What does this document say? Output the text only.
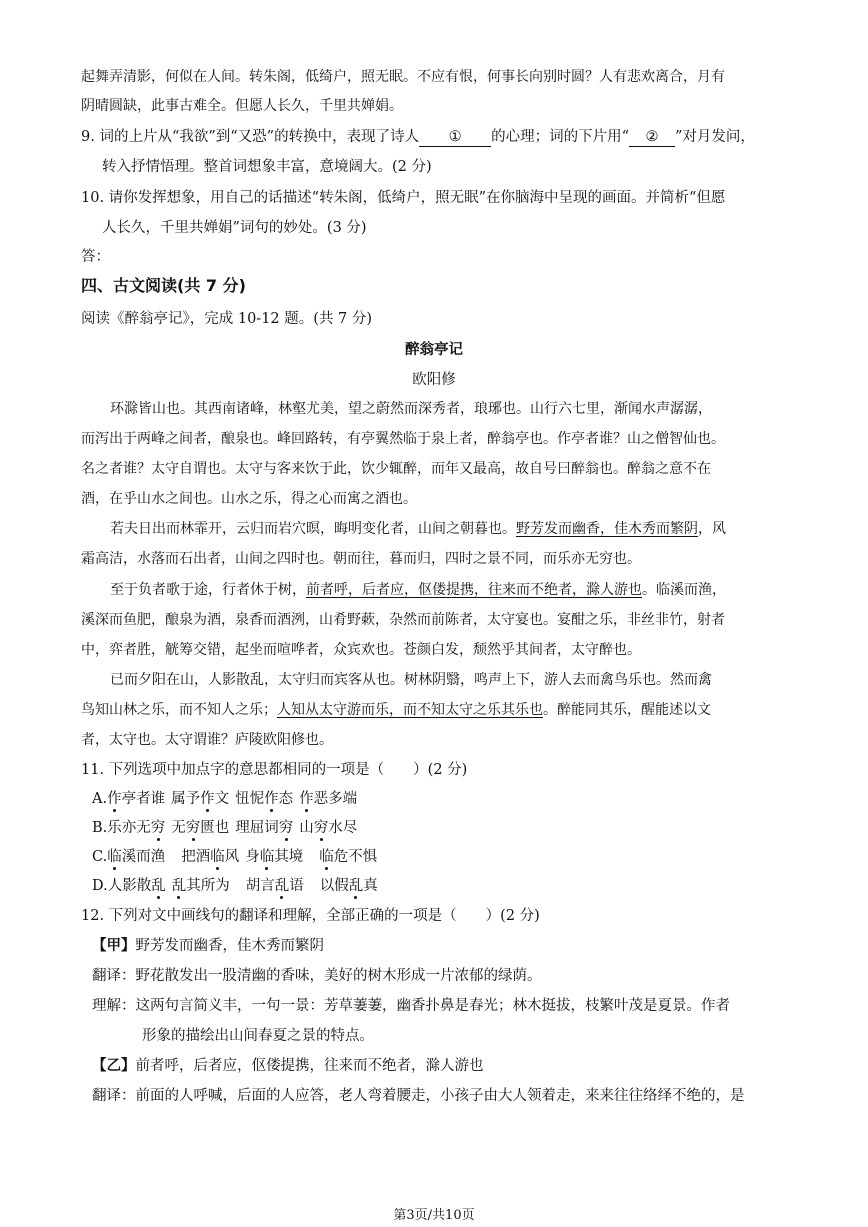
起舞弄清影，何似在人间。转朱阁，低绮户，照无眠。不应有恨，何事长向别时圆？人有悲欢离合，月有
阴晴圆缺，此事古难全。但愿人长久，千里共婵娟。
9. 词的上片从“我欲”到“又恐”的转换中，表现了诗人 ① 的心理；词的下片用“ ② ”对月发问，
转入抒情悟理。整首词想象丰富，意境阔大。(2 分)
10. 请你发挥想象，用自己的话描述“转朱阁，低绮户，照无眠”在你脑海中呈现的画面。并简析“但愿
人长久，千里共婵娟”词句的妙处。(3 分)
答：
四、古文阅读(共 7 分)
阅读《醉翁亭记》，完成 10-12 题。(共 7 分)
醉翁亭记
欧阳修
环滁皆山也。其西南诸峰，林壑尤美，望之蔚然而深秀者，琅琊也。山行六七里，渐闻水声潺潺，
而泻出于两峰之间者，酿泉也。峰回路转，有亭翼然临于泉上者，醉翁亭也。作亭者谁？山之僧智仙也。
名之者谁？太守自谓也。太守与客来饮于此，饮少辄醉，而年又最高，故自号曰醉翁也。醉翁之意不在
酒，在乎山水之间也。山水之乐，得之心而寓之酒也。
若夫日出而林霏开，云归而岩穴暝，晦明变化者，山间之朝暮也。野芳发而幽香，佳木秀而繁阴，风
霜高洁，水落而石出者，山间之四时也。朝而往，暮而归，四时之景不同，而乐亦无穷也。
至于负者歌于途，行者休于树，前者呼，后者应，伛偻提携，往来而不绝者，滁人游也。临溪而渔，
溪深而鱼肥，酿泉为酒，泉香而酒洌，山肴野蔌，杂然而前陈者，太守宴也。宴酣之乐，非丝非竹，射者
中，弈者胜，觥筹交错，起坐而喧哗者，众宾欢也。苍颜白发，颓然乎其间者，太守醉也。
已而夕阳在山，人影散乱，太守归而宾客从也。树林阴翳，鸣声上下，游人去而禽鸟乐也。然而禽
鸟知山林之乐，而不知人之乐；人知从太守游而乐，而不知太守之乐其乐也。醉能同其乐，醒能述以文
者，太守也。太守谓谁？庐陵欧阳修也。
11. 下列选项中加点字的意思都相同的一项是（　　）(2 分)
A.作亭者谁 属予作文 忸怩作态 作恶多端
B.乐亦无穷 无穷匮也 理屈词穷 山穷水尽
C.临溪而渔 把酒临风 身临其境 临危不惧
D.人影散乱 乱其所为 胡言乱语 以假乱真
12. 下列对文中画线句的翻译和理解，全部正确的一项是（　　）(2 分)
【甲】野芳发而幽香，佳木秀而繁阴
翻译：野花散发出一股清幽的香味，美好的树木形成一片浓郁的绿荫。
理解：这两句言简义丰，一句一景：芳草萋萋，幽香扑鼻是春光；林木挺拔，枝繁叶茂是夏景。作者
形象的描绘出山间春夏之景的特点。
【乙】前者呼，后者应，伛偻提携，往来而不绝者，滁人游也
翻译：前面的人呼喊，后面的人应答，老人弯着腰走，小孩子由大人领着走，来来往往络绎不绝的，是
第3页/共10页
